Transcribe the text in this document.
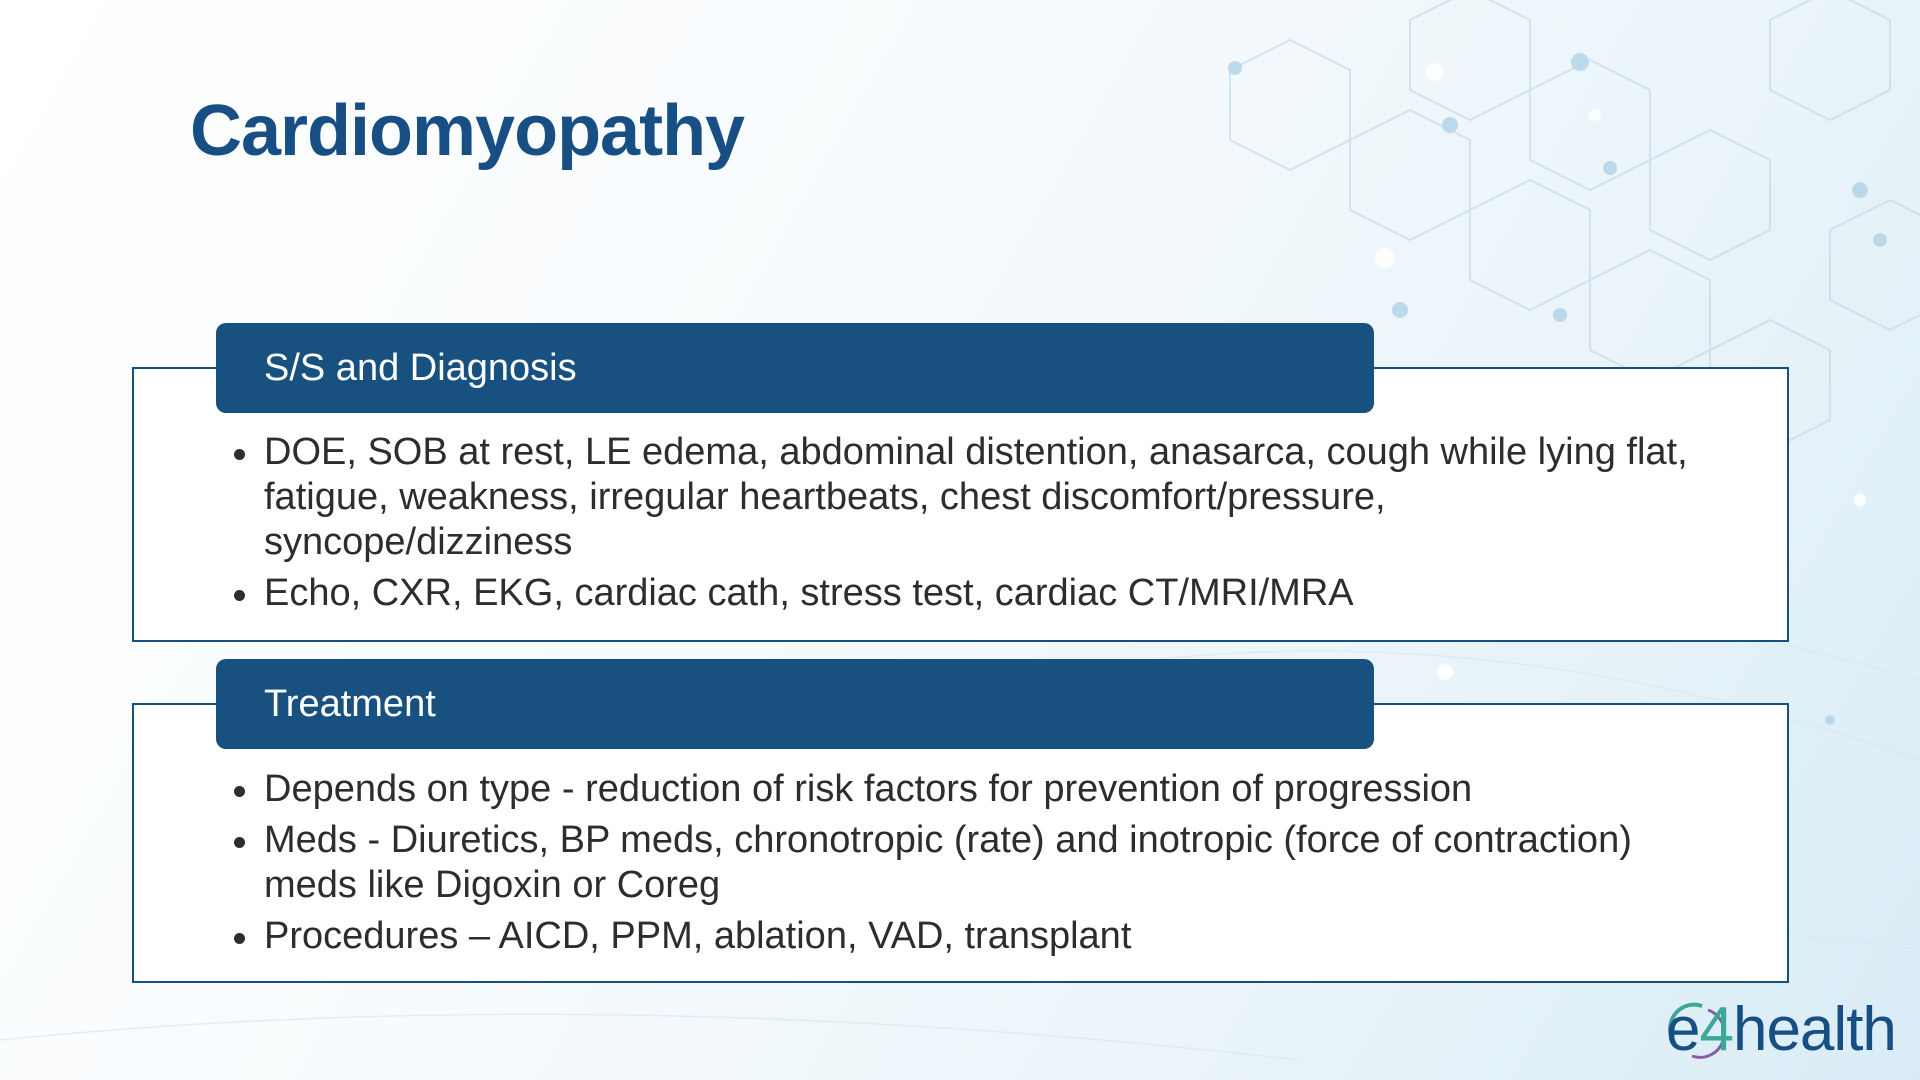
Cardiomyopathy
S/S and Diagnosis
DOE, SOB at rest, LE edema, abdominal distention, anasarca, cough while lying flat, fatigue, weakness, irregular heartbeats, chest discomfort/pressure, syncope/dizziness
Echo, CXR, EKG, cardiac cath, stress test, cardiac CT/MRI/MRA
Treatment
Depends on type - reduction of risk factors for prevention of progression
Meds - Diuretics, BP meds, chronotropic (rate) and inotropic (force of contraction) meds like Digoxin or Coreg
Procedures – AICD, PPM, ablation, VAD, transplant
e 4 health
